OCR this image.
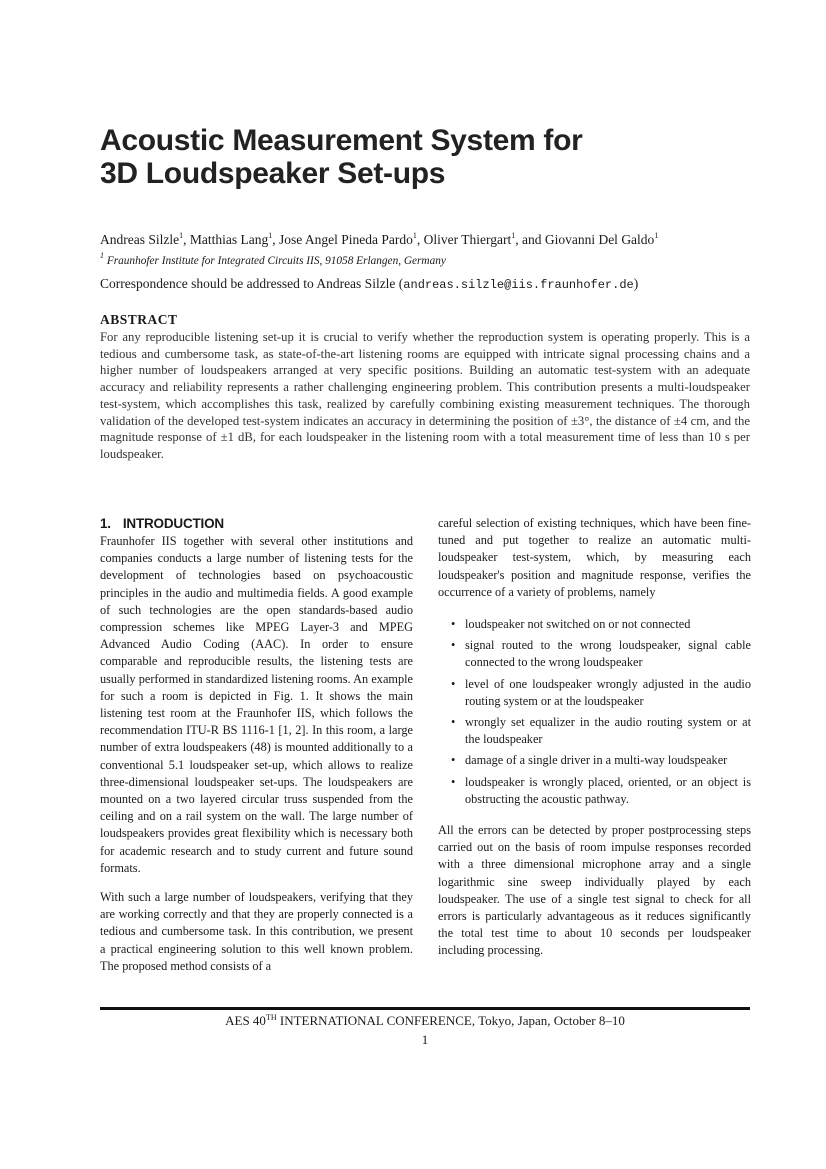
Acoustic Measurement System for
3D Loudspeaker Set-ups
Andreas Silzle$^1$, Matthias Lang$^1$, Jose Angel Pineda Pardo$^1$, Oliver Thiergart$^1$, and Giovanni Del Galdo$^1$
$^1$ Fraunhofer Institute for Integrated Circuits IIS, 91058 Erlangen, Germany
Correspondence should be addressed to Andreas Silzle (andreas.silzle@iis.fraunhofer.de)
ABSTRACT
For any reproducible listening set-up it is crucial to verify whether the reproduction system is operating properly. This is a tedious and cumbersome task, as state-of-the-art listening rooms are equipped with intricate signal processing chains and a higher number of loudspeakers arranged at very specific positions. Building an automatic test-system with an adequate accuracy and reliability represents a rather challenging engineering problem. This contribution presents a multi-loudspeaker test-system, which accomplishes this task, realized by carefully combining existing measurement techniques. The thorough validation of the developed test-system indicates an accuracy in determining the position of ±3°, the distance of ±4 cm, and the magnitude response of ±1 dB, for each loudspeaker in the listening room with a total measurement time of less than 10 s per loudspeaker.
1. INTRODUCTION

Fraunhofer IIS together with several other institutions and companies conducts a large number of listening tests for the development of technologies based on psychoacoustic principles in the audio and multimedia fields. A good example of such technologies are the open standards-based audio compression schemes like MPEG Layer-3 and MPEG Advanced Audio Coding (AAC). In order to ensure comparable and reproducible results, the listening tests are usually performed in standardized listening rooms. An example for such a room is depicted in Fig. 1. It shows the main listening test room at the Fraunhofer IIS, which follows the recommendation ITU-R BS 1116-1 [1, 2]. In this room, a large number of extra loudspeakers (48) is mounted additionally to a conventional 5.1 loudspeaker set-up, which allows to realize three-dimensional loudspeaker set-ups. The loudspeakers are mounted on a two layered circular truss suspended from the ceiling and on a rail system on the wall. The large number of loudspeakers provides great flexibility which is necessary both for academic research and to study current and future sound formats.

With such a large number of loudspeakers, verifying that they are working correctly and that they are properly connected is a tedious and cumbersome task. In this contribution, we present a practical engineering solution to this well known problem. The proposed method consists of a

careful selection of existing techniques, which have been fine-tuned and put together to realize an automatic multi-loudspeaker test-system, which, by measuring each loudspeaker's position and magnitude response, verifies the occurrence of a variety of problems, namely

• loudspeaker not switched on or not connected
• signal routed to the wrong loudspeaker, signal cable connected to the wrong loudspeaker
• level of one loudspeaker wrongly adjusted in the audio routing system or at the loudspeaker
• wrongly set equalizer in the audio routing system or at the loudspeaker
• damage of a single driver in a multi-way loudspeaker
• loudspeaker is wrongly placed, oriented, or an object is obstructing the acoustic pathway.

All the errors can be detected by proper postprocessing steps carried out on the basis of room impulse responses recorded with a three dimensional microphone array and a single logarithmic sine sweep individually played by each loudspeaker. The use of a single test signal to check for all errors is particularly advantageous as it reduces significantly the total test time to about 10 seconds per loudspeaker including processing.

AES 40TH INTERNATIONAL CONFERENCE, Tokyo, Japan, October 8–10
1
